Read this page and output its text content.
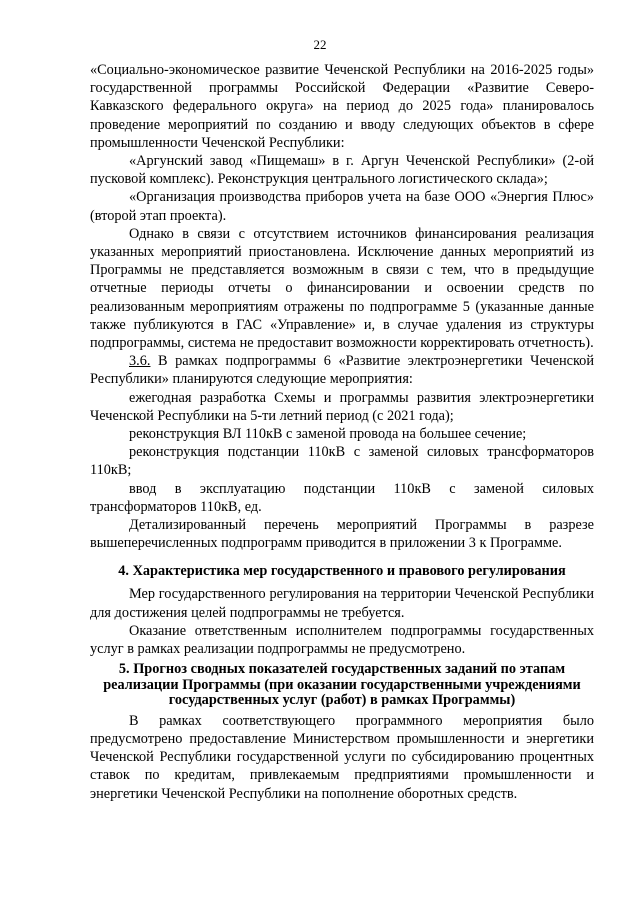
22

«Социально-экономическое развитие Чеченской Республики на 2016-2025 годы» государственной программы Российской Федерации «Развитие Северо-Кавказского федерального округа» на период до 2025 года» планировалось проведение мероприятий по созданию и вводу следующих объектов в сфере промышленности Чеченской Республики:

«Аргунский завод «Пищемаш» в г. Аргун Чеченской Республики» (2-ой пусковой комплекс). Реконструкция центрального логистического склада»;

«Организация производства приборов учета на базе ООО «Энергия Плюс» (второй этап проекта).

Однако в связи с отсутствием источников финансирования реализация указанных мероприятий приостановлена. Исключение данных мероприятий из Программы не представляется возможным в связи с тем, что в предыдущие отчетные периоды отчеты о финансировании и освоении средств по реализованным мероприятиям отражены по подпрограмме 5 (указанные данные также публикуются в ГАС «Управление» и, в случае удаления из структуры подпрограммы, система не предоставит возможности корректировать отчетность).

3.6. В рамках подпрограммы 6 «Развитие электроэнергетики Чеченской Республики» планируются следующие мероприятия:

ежегодная разработка Схемы и программы развития электроэнергетики Чеченской Республики на 5-ти летний период (с 2021 года);

реконструкция ВЛ 110кВ с заменой провода на большее сечение;

реконструкция подстанции 110кВ с заменой силовых трансформаторов 110кВ;

ввод в эксплуатацию подстанции 110кВ с заменой силовых трансформаторов 110кВ, ед.

Детализированный перечень мероприятий Программы в разрезе вышеперечисленных подпрограмм приводится в приложении 3 к Программе.

4. Характеристика мер государственного и правового регулирования

Мер государственного регулирования на территории Чеченской Республики для достижения целей подпрограммы не требуется.

Оказание ответственным исполнителем подпрограммы государственных услуг в рамках реализации подпрограммы не предусмотрено.

5. Прогноз сводных показателей государственных заданий по этапам реализации Программы (при оказании государственными учреждениями государственных услуг (работ) в рамках Программы)

В рамках соответствующего программного мероприятия было предусмотрено предоставление Министерством промышленности и энергетики Чеченской Республики государственной услуги по субсидированию процентных ставок по кредитам, привлекаемым предприятиями промышленности и энергетики Чеченской Республики на пополнение оборотных средств.
